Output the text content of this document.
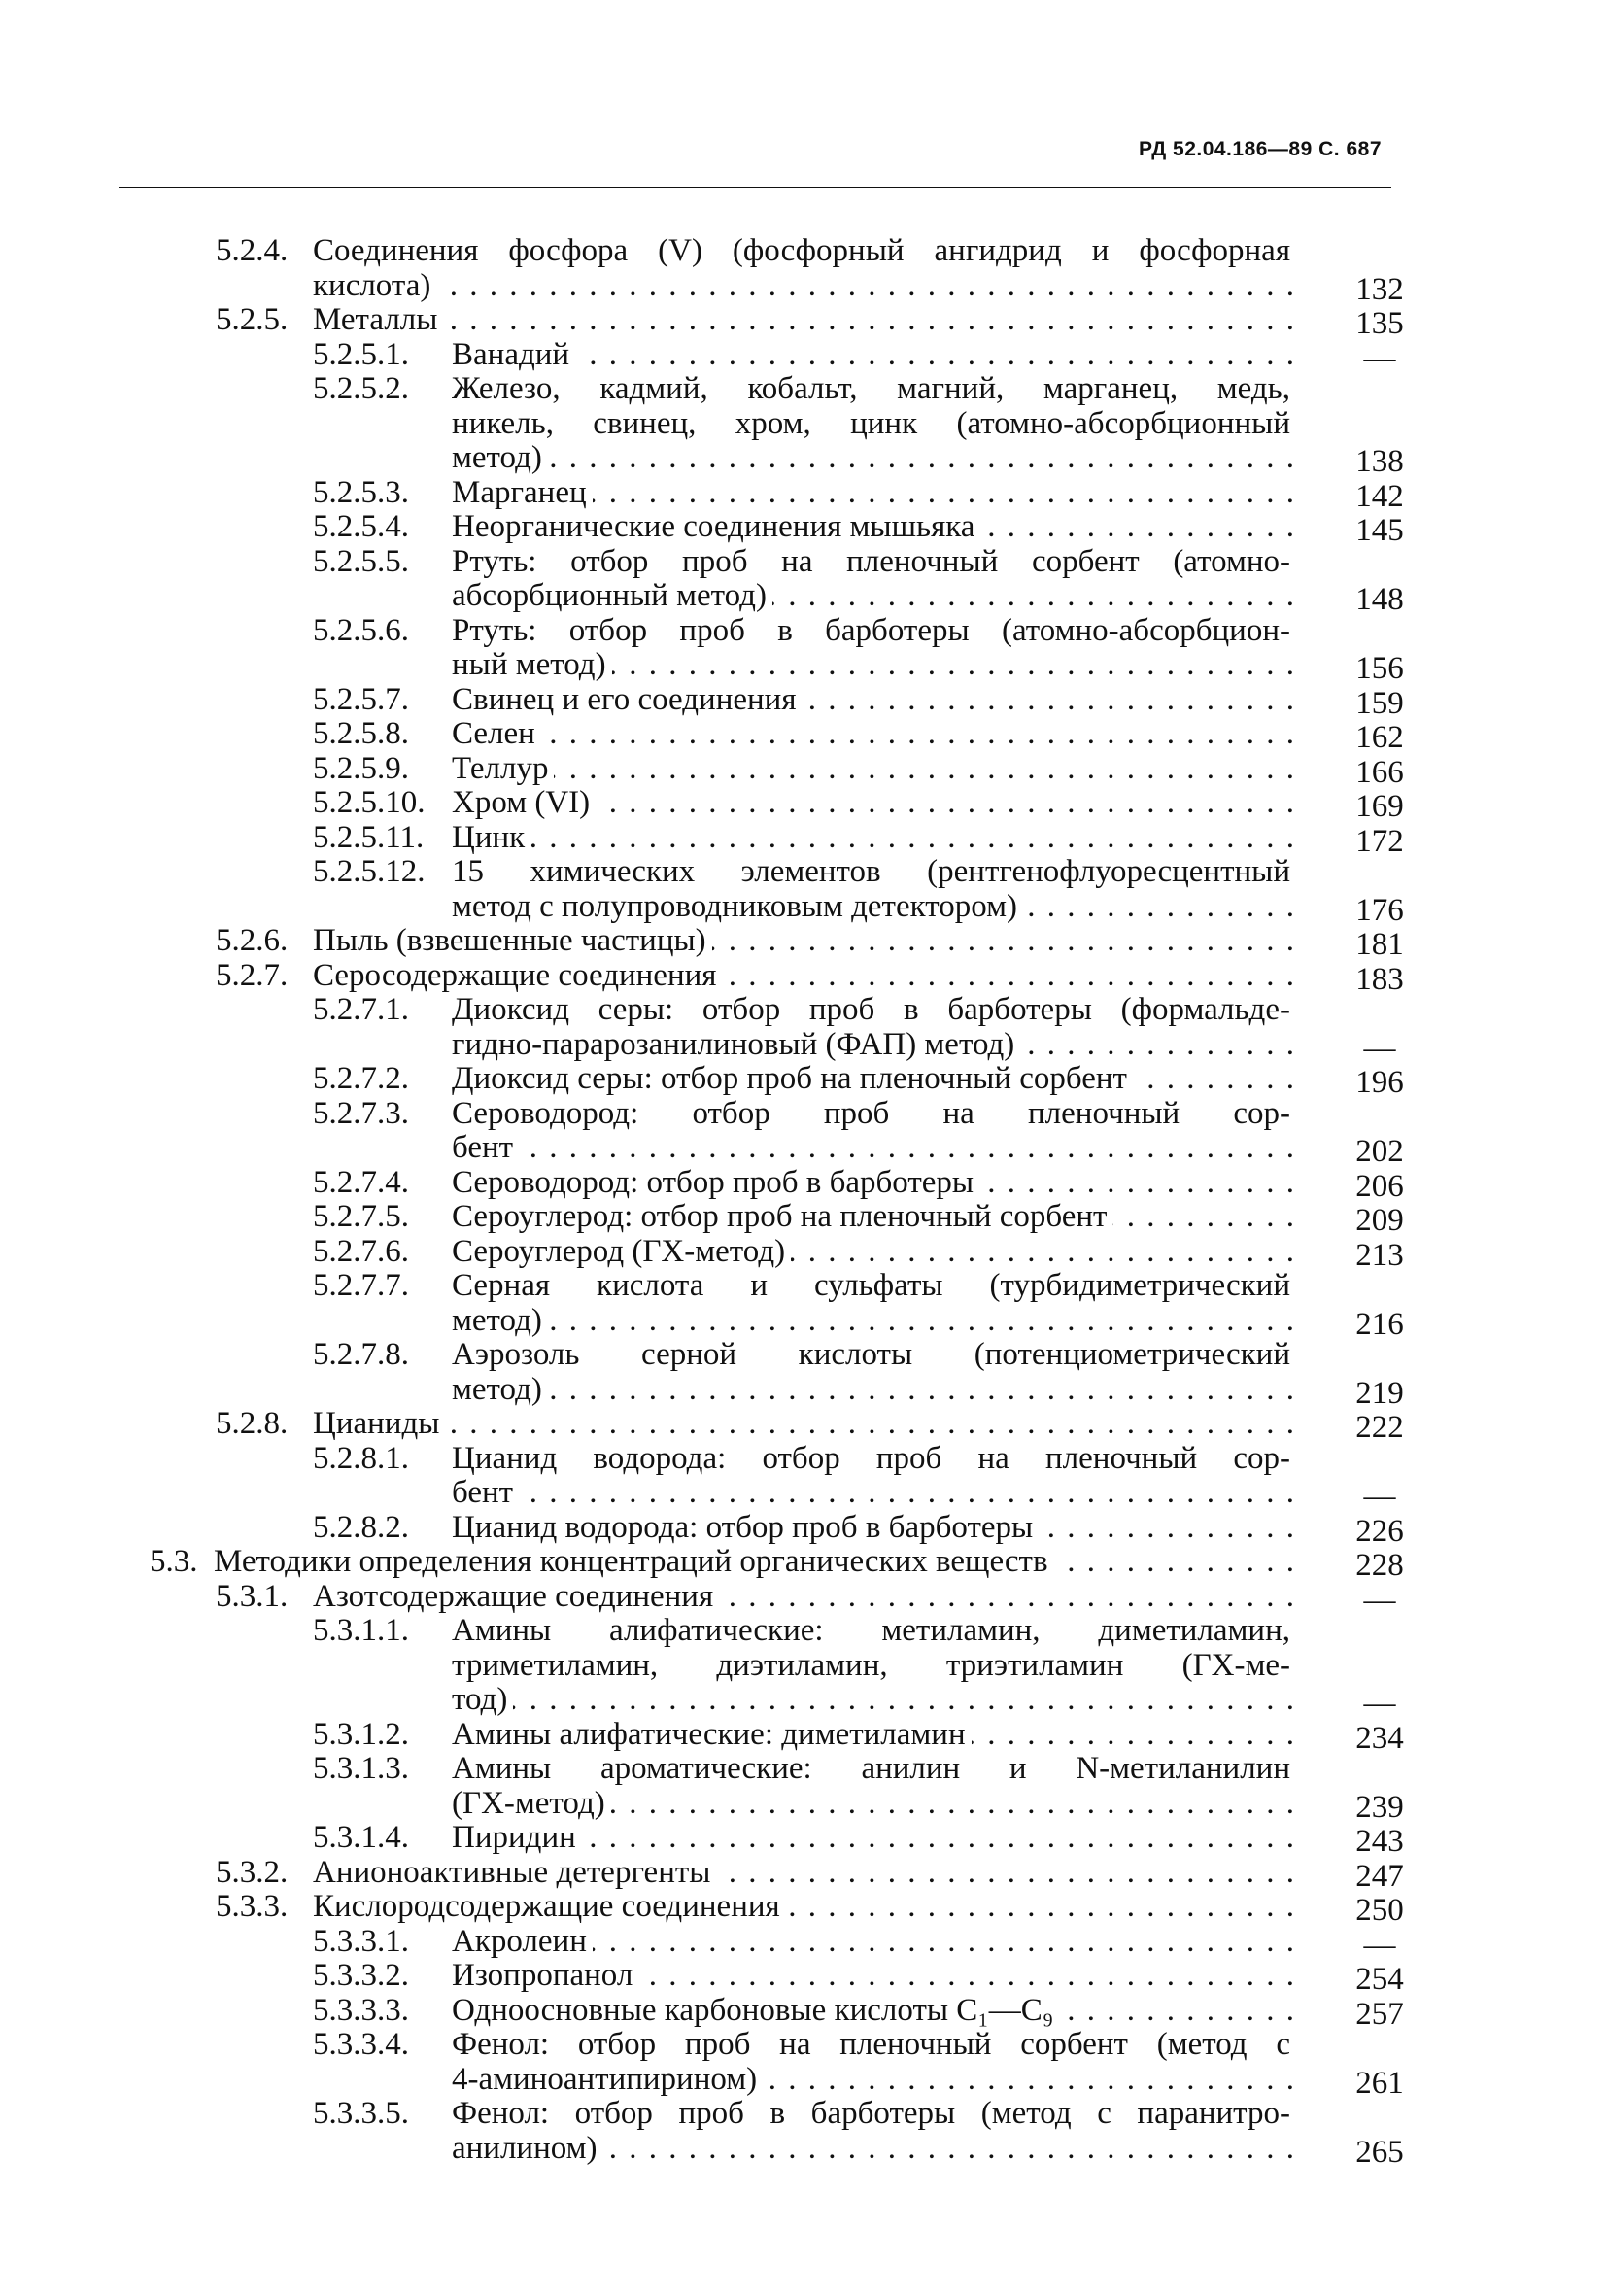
РД 52.04.186—89 С. 687
5.2.4. Соединения фосфора (V) (фосфорный ангидрид и фосфорная
кислота) . .	132
5.2.5. Металлы . .	135
5.2.5.1. Ванадий . .	—
5.2.5.2. Железо, кадмий, кобальт, магний, марганец, медь,
никель, свинец, хром, цинк (атомно-абсорбционный
метод) . .	138
5.2.5.3. Марганец . .	142
5.2.5.4. Неорганические соединения мышьяка . .	145
5.2.5.5. Ртуть: отбор проб на пленочный сорбент (атомно-
абсорбционный метод) . .	148
5.2.5.6. Ртуть: отбор проб в барботеры (атомно-абсорбцион-
ный метод) . .	156
5.2.5.7. Свинец и его соединения . .	159
5.2.5.8. Селен . .	162
5.2.5.9. Теллур . .	166
5.2.5.10. Хром (VI) . .	169
5.2.5.11. Цинк . .	172
5.2.5.12. 15 химических элементов (рентгенофлуоресцентный
метод с полупроводниковым детектором) . .	176
5.2.6. Пыль (взвешенные частицы) . .	181
5.2.7. Серосодержащие соединения . .	183
5.2.7.1. Диоксид серы: отбор проб в барботеры (формальде-
гидно-парарозанилиновый (ФАП) метод) . .	—
5.2.7.2. Диоксид серы: отбор проб на пленочный сорбент . .	196
5.2.7.3. Сероводород: отбор проб на пленочный сор-
бент . .	202
5.2.7.4. Сероводород: отбор проб в барботеры . .	206
5.2.7.5. Сероуглерод: отбор проб на пленочный сорбент . .	209
5.2.7.6. Сероуглерод (ГХ-метод) . .	213
5.2.7.7. Серная кислота и сульфаты (турбидиметрический
метод) . .	216
5.2.7.8. Аэрозоль серной кислоты (потенциометрический
метод) . .	219
5.2.8. Цианиды . .	222
5.2.8.1. Цианид водорода: отбор проб на пленочный сор-
бент . .	—
5.2.8.2. Цианид водорода: отбор проб в барботеры . .	226
5.3. Методики определения концентраций органических веществ . .	228
5.3.1. Азотсодержащие соединения . .	—
5.3.1.1. Амины алифатические: метиламин, диметиламин,
триметиламин, диэтиламин, триэтиламин (ГХ-ме-
тод) . .	—
5.3.1.2. Амины алифатические: диметиламин . .	234
5.3.1.3. Амины ароматические: анилин и N-метиланилин
(ГХ-метод) . .	239
5.3.1.4. Пиридин . .	243
5.3.2. Анионоактивные детергенты . .	247
5.3.3. Кислородсодержащие соединения . .	250
5.3.3.1. Акролеин . .	—
5.3.3.2. Изопропанол . .	254
5.3.3.3. Одноосновные карбоновые кислоты C₁—C₉ . .	257
5.3.3.4. Фенол: отбор проб на пленочный сорбент (метод с
4-аминоантипирином) . .	261
5.3.3.5. Фенол: отбор проб в барботеры (метод с паранитро-
анилином) . .	265
